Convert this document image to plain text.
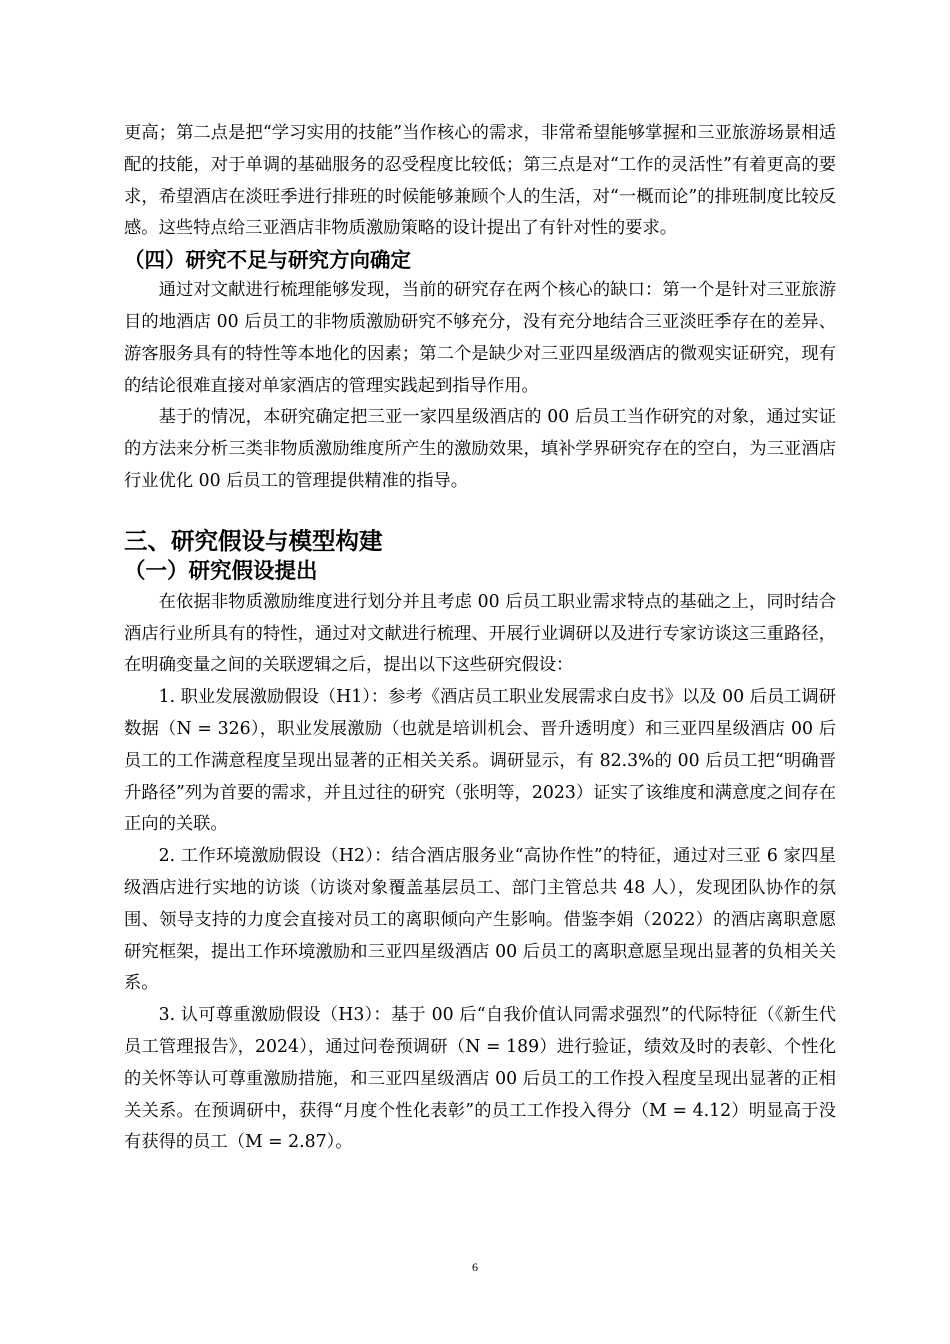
更高；第二点是把“学习实用的技能”当作核心的需求，非常希望能够掌握和三亚旅游场景相适配的技能，对于单调的基础服务的忍受程度比较低；第三点是对“工作的灵活性”有着更高的要求，希望酒店在淡旺季进行排班的时候能够兼顾个人的生活，对“一概而论”的排班制度比较反感。这些特点给三亚酒店非物质激励策略的设计提出了有针对性的要求。

（四）研究不足与研究方向确定

通过对文献进行梳理能够发现，当前的研究存在两个核心的缺口：第一个是针对三亚旅游目的地酒店 00 后员工的非物质激励研究不够充分，没有充分地结合三亚淡旺季存在的差异、游客服务具有的特性等本地化的因素；第二个是缺少对三亚四星级酒店的微观实证研究，现有的结论很难直接对单家酒店的管理实践起到指导作用。

基于的情况，本研究确定把三亚一家四星级酒店的 00 后员工当作研究的对象，通过实证的方法来分析三类非物质激励维度所产生的激励效果，填补学界研究存在的空白，为三亚酒店行业优化 00 后员工的管理提供精准的指导。

三、研究假设与模型构建
（一）研究假设提出

在依据非物质激励维度进行划分并且考虑 00 后员工职业需求特点的基础之上，同时结合酒店行业所具有的特性，通过对文献进行梳理、开展行业调研以及进行专家访谈这三重路径，在明确变量之间的关联逻辑之后，提出以下这些研究假设：

1. 职业发展激励假设（H1）：参考《酒店员工职业发展需求白皮书》以及 00 后员工调研数据（N = 326），职业发展激励（也就是培训机会、晋升透明度）和三亚四星级酒店 00 后员工的工作满意程度呈现出显著的正相关关系。调研显示，有 82.3%的 00 后员工把“明确晋升路径”列为首要的需求，并且过往的研究（张明等，2023）证实了该维度和满意度之间存在正向的关联。

2. 工作环境激励假设（H2）：结合酒店服务业“高协作性”的特征，通过对三亚 6 家四星级酒店进行实地的访谈（访谈对象覆盖基层员工、部门主管总共 48 人），发现团队协作的氛围、领导支持的力度会直接对员工的离职倾向产生影响。借鉴李娟（2022）的酒店离职意愿研究框架，提出工作环境激励和三亚四星级酒店 00 后员工的离职意愿呈现出显著的负相关关系。

3. 认可尊重激励假设（H3）：基于 00 后“自我价值认同需求强烈”的代际特征（《新生代员工管理报告》，2024），通过问卷预调研（N = 189）进行验证，绩效及时的表彰、个性化的关怀等认可尊重激励措施，和三亚四星级酒店 00 后员工的工作投入程度呈现出显著的正相关关系。在预调研中，获得“月度个性化表彰”的员工工作投入得分（M = 4.12）明显高于没有获得的员工（M = 2.87）。

6
